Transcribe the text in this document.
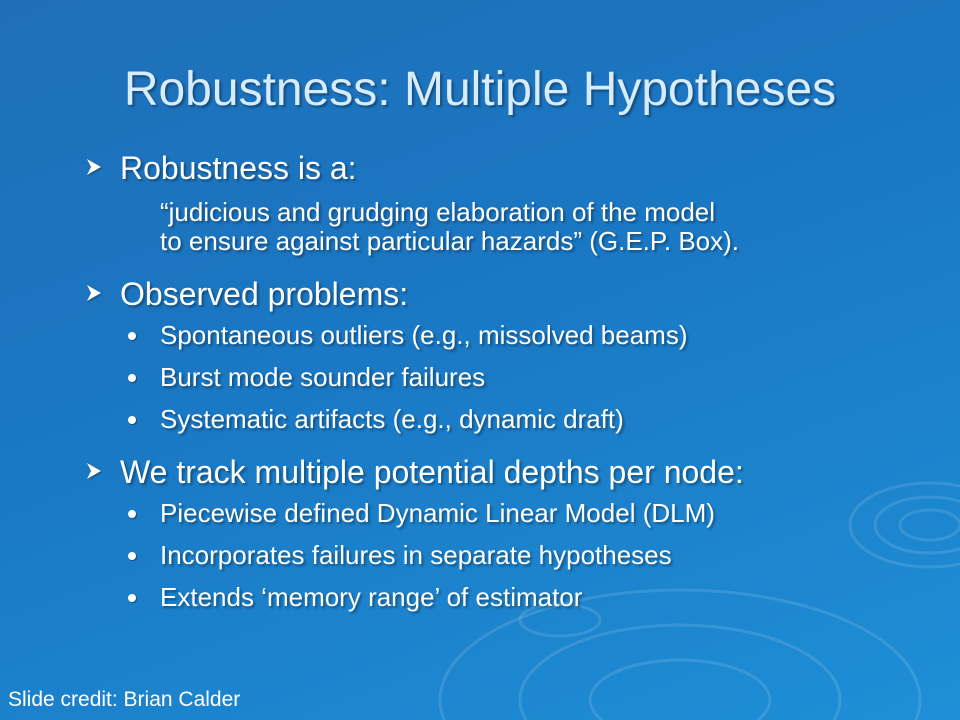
Robustness: Multiple Hypotheses
Robustness is a:
“judicious and grudging elaboration of the model
to ensure against particular hazards” (G.E.P. Box).
Observed problems:
Spontaneous outliers (e.g., missolved beams)
Burst mode sounder failures
Systematic artifacts (e.g., dynamic draft)
We track multiple potential depths per node:
Piecewise defined Dynamic Linear Model (DLM)
Incorporates failures in separate hypotheses
Extends ‘memory range’ of estimator
Slide credit: Brian Calder
